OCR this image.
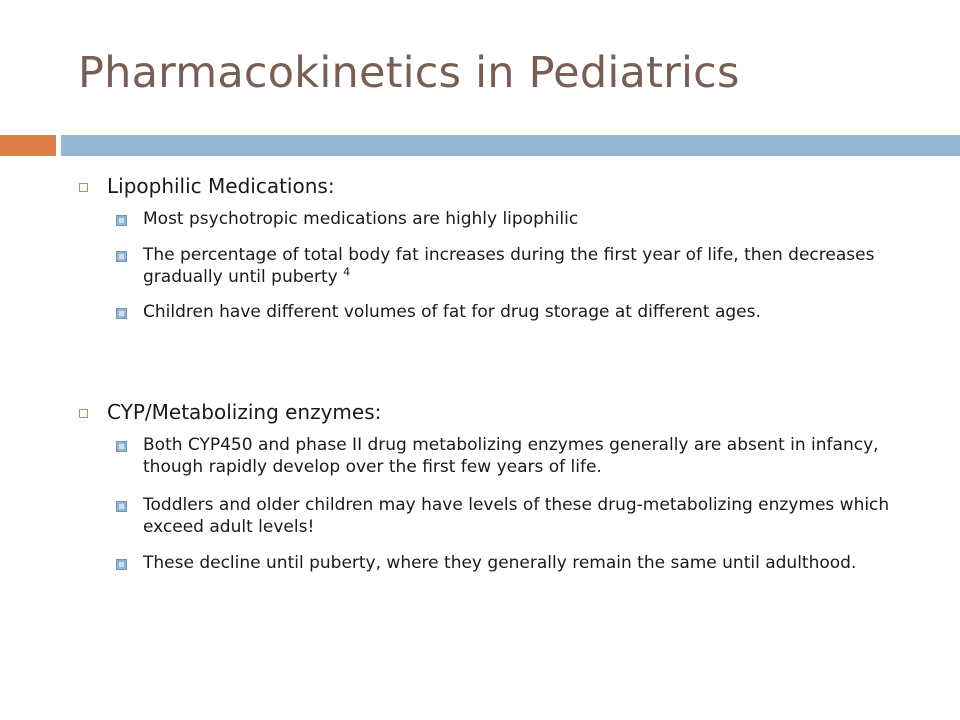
Pharmacokinetics in Pediatrics
Lipophilic Medications:
Most psychotropic medications are highly lipophilic
The percentage of total body fat increases during the first year of life, then decreases gradually until puberty $^4$
Children have different volumes of fat for drug storage at different ages.
CYP/Metabolizing enzymes:
Both CYP450 and phase II drug metabolizing enzymes generally are absent in infancy, though rapidly develop over the first few years of life.
Toddlers and older children may have levels of these drug-metabolizing enzymes which exceed adult levels!
These decline until puberty, where they generally remain the same until adulthood.
